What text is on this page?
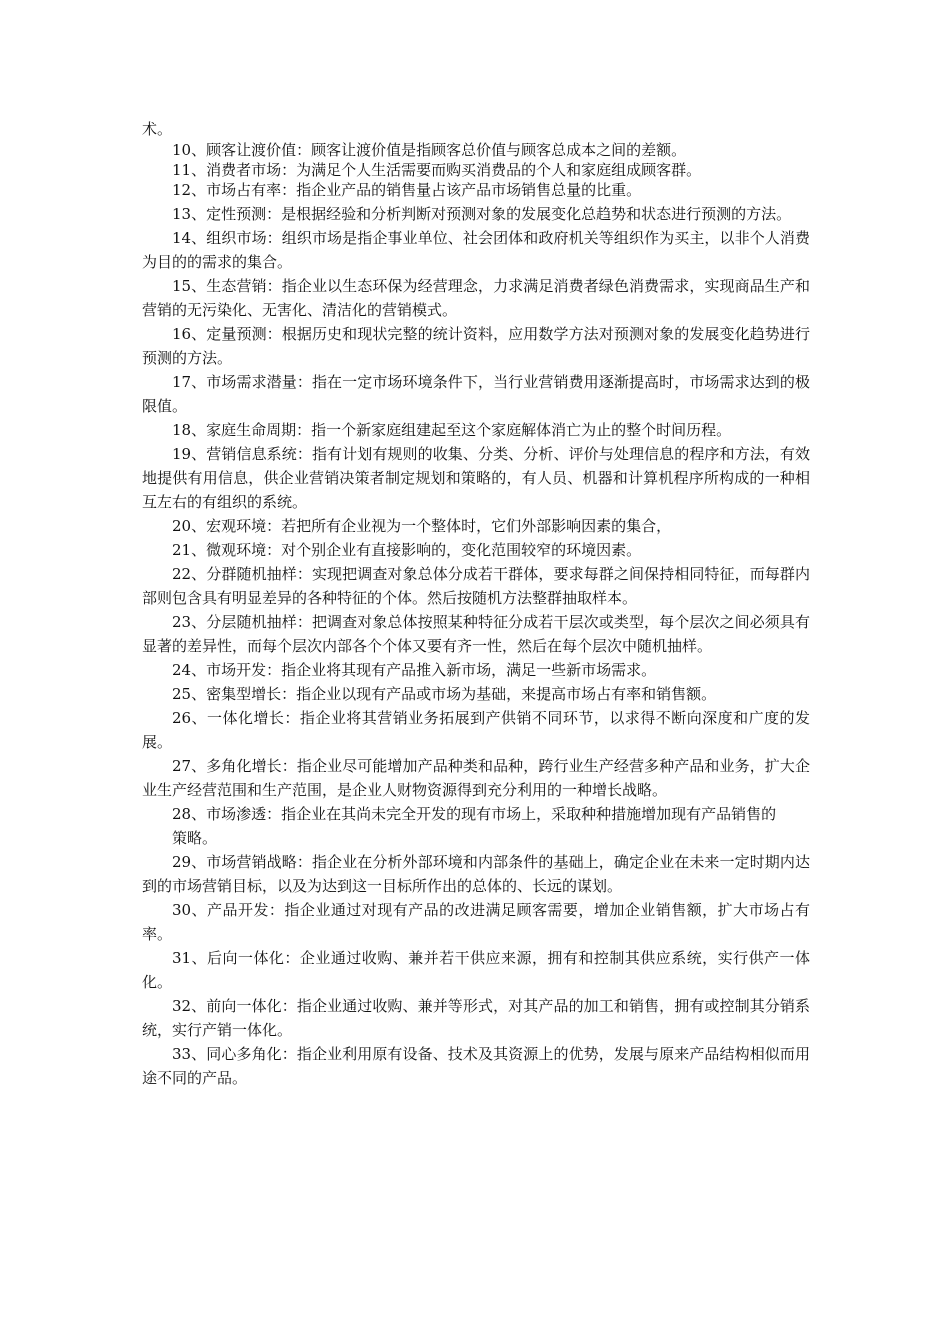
术。

10、顾客让渡价值：顾客让渡价值是指顾客总价值与顾客总成本之间的差额。

11、消费者市场：为满足个人生活需要而购买消费品的个人和家庭组成顾客群。

12、市场占有率：指企业产品的销售量占该产品市场销售总量的比重。

13、定性预测：是根据经验和分析判断对预测对象的发展变化总趋势和状态进行预测的方法。

14、组织市场：组织市场是指企事业单位、社会团体和政府机关等组织作为买主，以非个人消费为目的的需求的集合。

15、生态营销：指企业以生态环保为经营理念，力求满足消费者绿色消费需求，实现商品生产和营销的无污染化、无害化、清洁化的营销模式。

16、定量预测：根据历史和现状完整的统计资料，应用数学方法对预测对象的发展变化趋势进行预测的方法。

17、市场需求潜量：指在一定市场环境条件下，当行业营销费用逐渐提高时，市场需求达到的极限值。

18、家庭生命周期：指一个新家庭组建起至这个家庭解体消亡为止的整个时间历程。

19、营销信息系统：指有计划有规则的收集、分类、分析、评价与处理信息的程序和方法，有效地提供有用信息，供企业营销决策者制定规划和策略的，有人员、机器和计算机程序所构成的一种相互左右的有组织的系统。

20、宏观环境：若把所有企业视为一个整体时，它们外部影响因素的集合，

21、微观环境：对个别企业有直接影响的，变化范围较窄的环境因素。

22、分群随机抽样：实现把调查对象总体分成若干群体，要求每群之间保持相同特征，而每群内部则包含具有明显差异的各种特征的个体。然后按随机方法整群抽取样本。

23、分层随机抽样：把调查对象总体按照某种特征分成若干层次或类型，每个层次之间必须具有显著的差异性，而每个层次内部各个个体又要有齐一性，然后在每个层次中随机抽样。

24、市场开发：指企业将其现有产品推入新市场，满足一些新市场需求。

25、密集型增长：指企业以现有产品或市场为基础，来提高市场占有率和销售额。

26、一体化增长：指企业将其营销业务拓展到产供销不同环节，以求得不断向深度和广度的发展。

27、多角化增长：指企业尽可能增加产品种类和品种，跨行业生产经营多种产品和业务，扩大企业生产经营范围和生产范围，是企业人财物资源得到充分利用的一种增长战略。

28、市场渗透：指企业在其尚未完全开发的现有市场上，采取种种措施增加现有产品销售的

策略。

29、市场营销战略：指企业在分析外部环境和内部条件的基础上，确定企业在未来一定时期内达到的市场营销目标，以及为达到这一目标所作出的总体的、长远的谋划。

30、产品开发：指企业通过对现有产品的改进满足顾客需要，增加企业销售额，扩大市场占有率。

31、后向一体化：企业通过收购、兼并若干供应来源，拥有和控制其供应系统，实行供产一体化。

32、前向一体化：指企业通过收购、兼并等形式，对其产品的加工和销售，拥有或控制其分销系统，实行产销一体化。

33、同心多角化：指企业利用原有设备、技术及其资源上的优势，发展与原来产品结构相似而用途不同的产品。
